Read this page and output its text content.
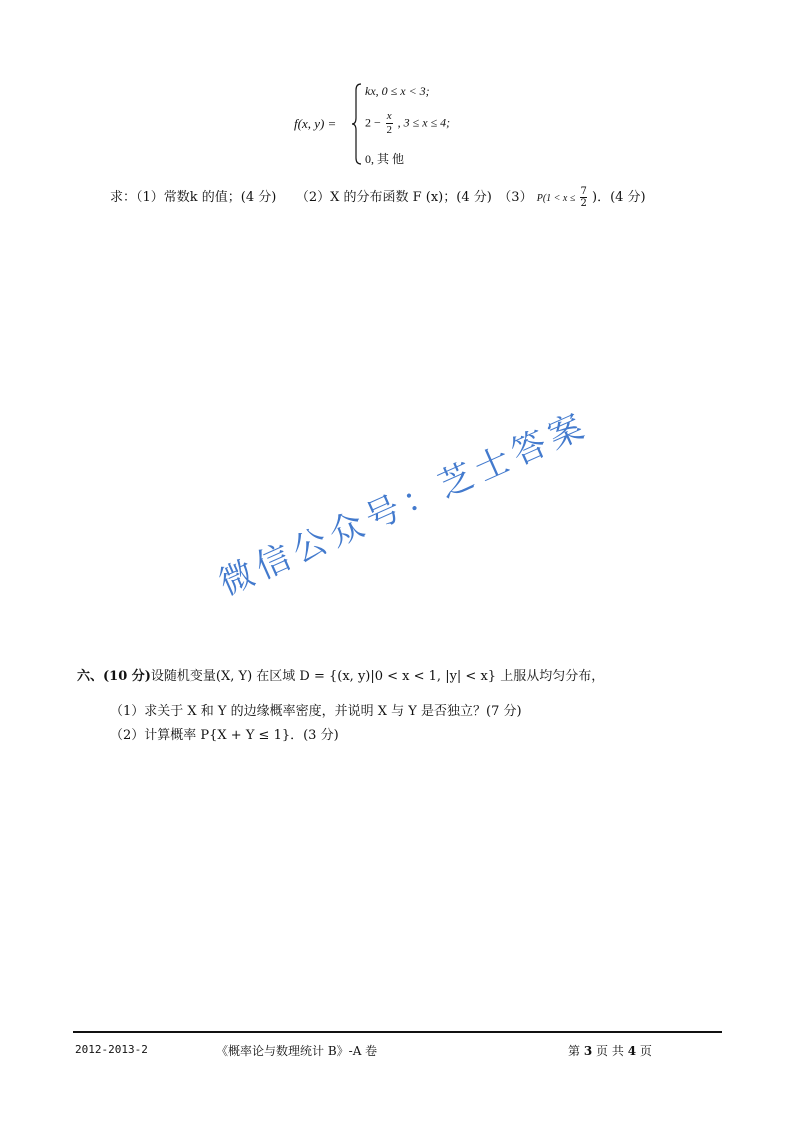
f(x, y) =
kx, 0 ≤ x < 3;
$2 - \frac{x}{2}$ , 3 ≤ x ≤ 4;
0, 其 他
求：（1）常数k 的值；(4 分)　　（2）X 的分布函数 F (x)；(4 分)　（3） $P(1 < x \le \frac{7}{2}$ )．(4 分)
微信公众号：芝士答案
六、(10 分)设随机变量(X, Y) 在区域 D = {(x, y)|0 < x < 1, |y| < x} 上服从均匀分布，
（1）求关于 X 和 Y 的边缘概率密度，并说明 X 与 Y 是否独立？(7 分)
（2）计算概率 P{X + Y ≤ 1}．(3 分)
2012-2013-2	《概率论与数理统计 B》-A 卷	第 3 页 共 4 页
